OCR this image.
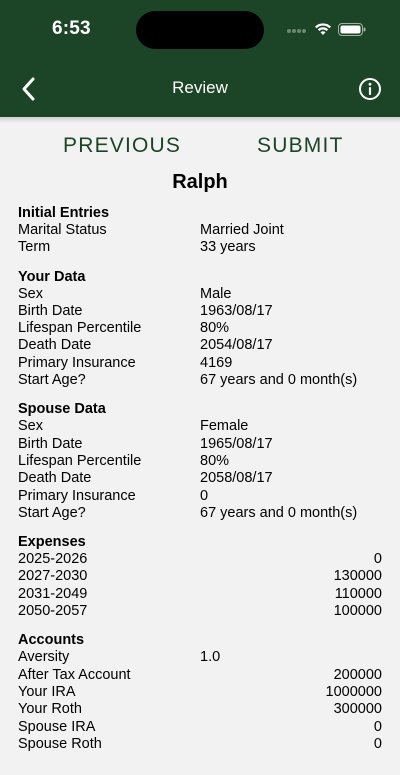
6:53
Review
PREVIOUS	SUBMIT
Ralph
Initial Entries
Marital Status	Married Joint
Term	33 years
Your Data
Sex	Male
Birth Date	1963/08/17
Lifespan Percentile	80%
Death Date	2054/08/17
Primary Insurance	4169
Start Age?	67 years and 0 month(s)
Spouse Data
Sex	Female
Birth Date	1965/08/17
Lifespan Percentile	80%
Death Date	2058/08/17
Primary Insurance	0
Start Age?	67 years and 0 month(s)
Expenses
2025-2026	0
2027-2030	130000
2031-2049	110000
2050-2057	100000
Accounts
Aversity	1.0
After Tax Account	200000
Your IRA	1000000
Your Roth	300000
Spouse IRA	0
Spouse Roth	0
